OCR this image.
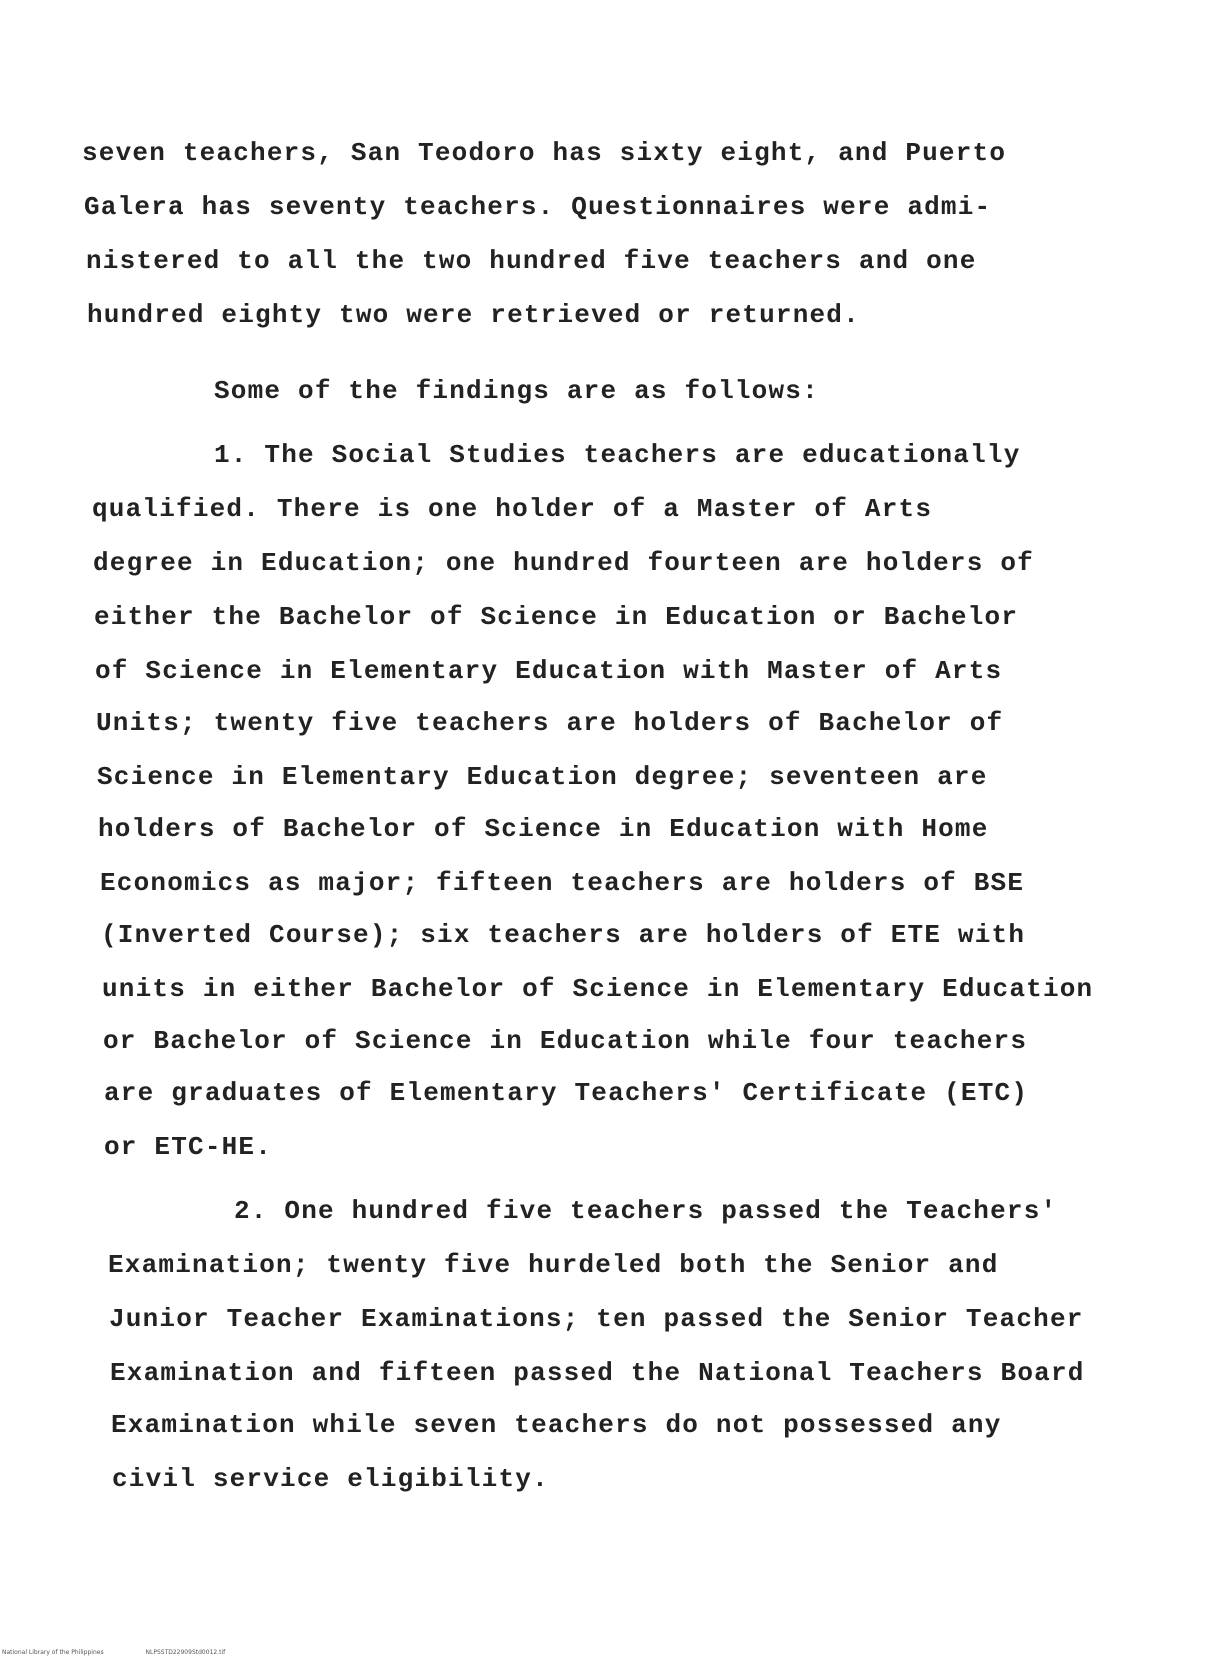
seven teachers, San Teodoro has sixty eight, and Puerto
Galera has seventy teachers. Questionnaires were admi-
nistered to all the two hundred five teachers and one
hundred eighty two were retrieved or returned.
Some of the findings are as follows:
1. The Social Studies teachers are educationally
qualified. There is one holder of a Master of Arts
degree in Education; one hundred fourteen are holders of
either the Bachelor of Science in Education or Bachelor
of Science in Elementary Education with Master of Arts
Units; twenty five teachers are holders of Bachelor of
Science in Elementary Education degree; seventeen are
holders of Bachelor of Science in Education with Home
Economics as major; fifteen teachers are holders of BSE
(Inverted Course); six teachers are holders of ETE with
units in either Bachelor of Science in Elementary Education
or Bachelor of Science in Education while four teachers
are graduates of Elementary Teachers' Certificate (ETC)
or ETC-HE.
2. One hundred five teachers passed the Teachers'
Examination; twenty five hurdeled both the Senior and
Junior Teacher Examinations; ten passed the Senior Teacher
Examination and fifteen passed the National Teachers Board
Examination while seven teachers do not possessed any
civil service eligibility.
National Library of the Philippines	NLPSSTD22909Std0012.tif
